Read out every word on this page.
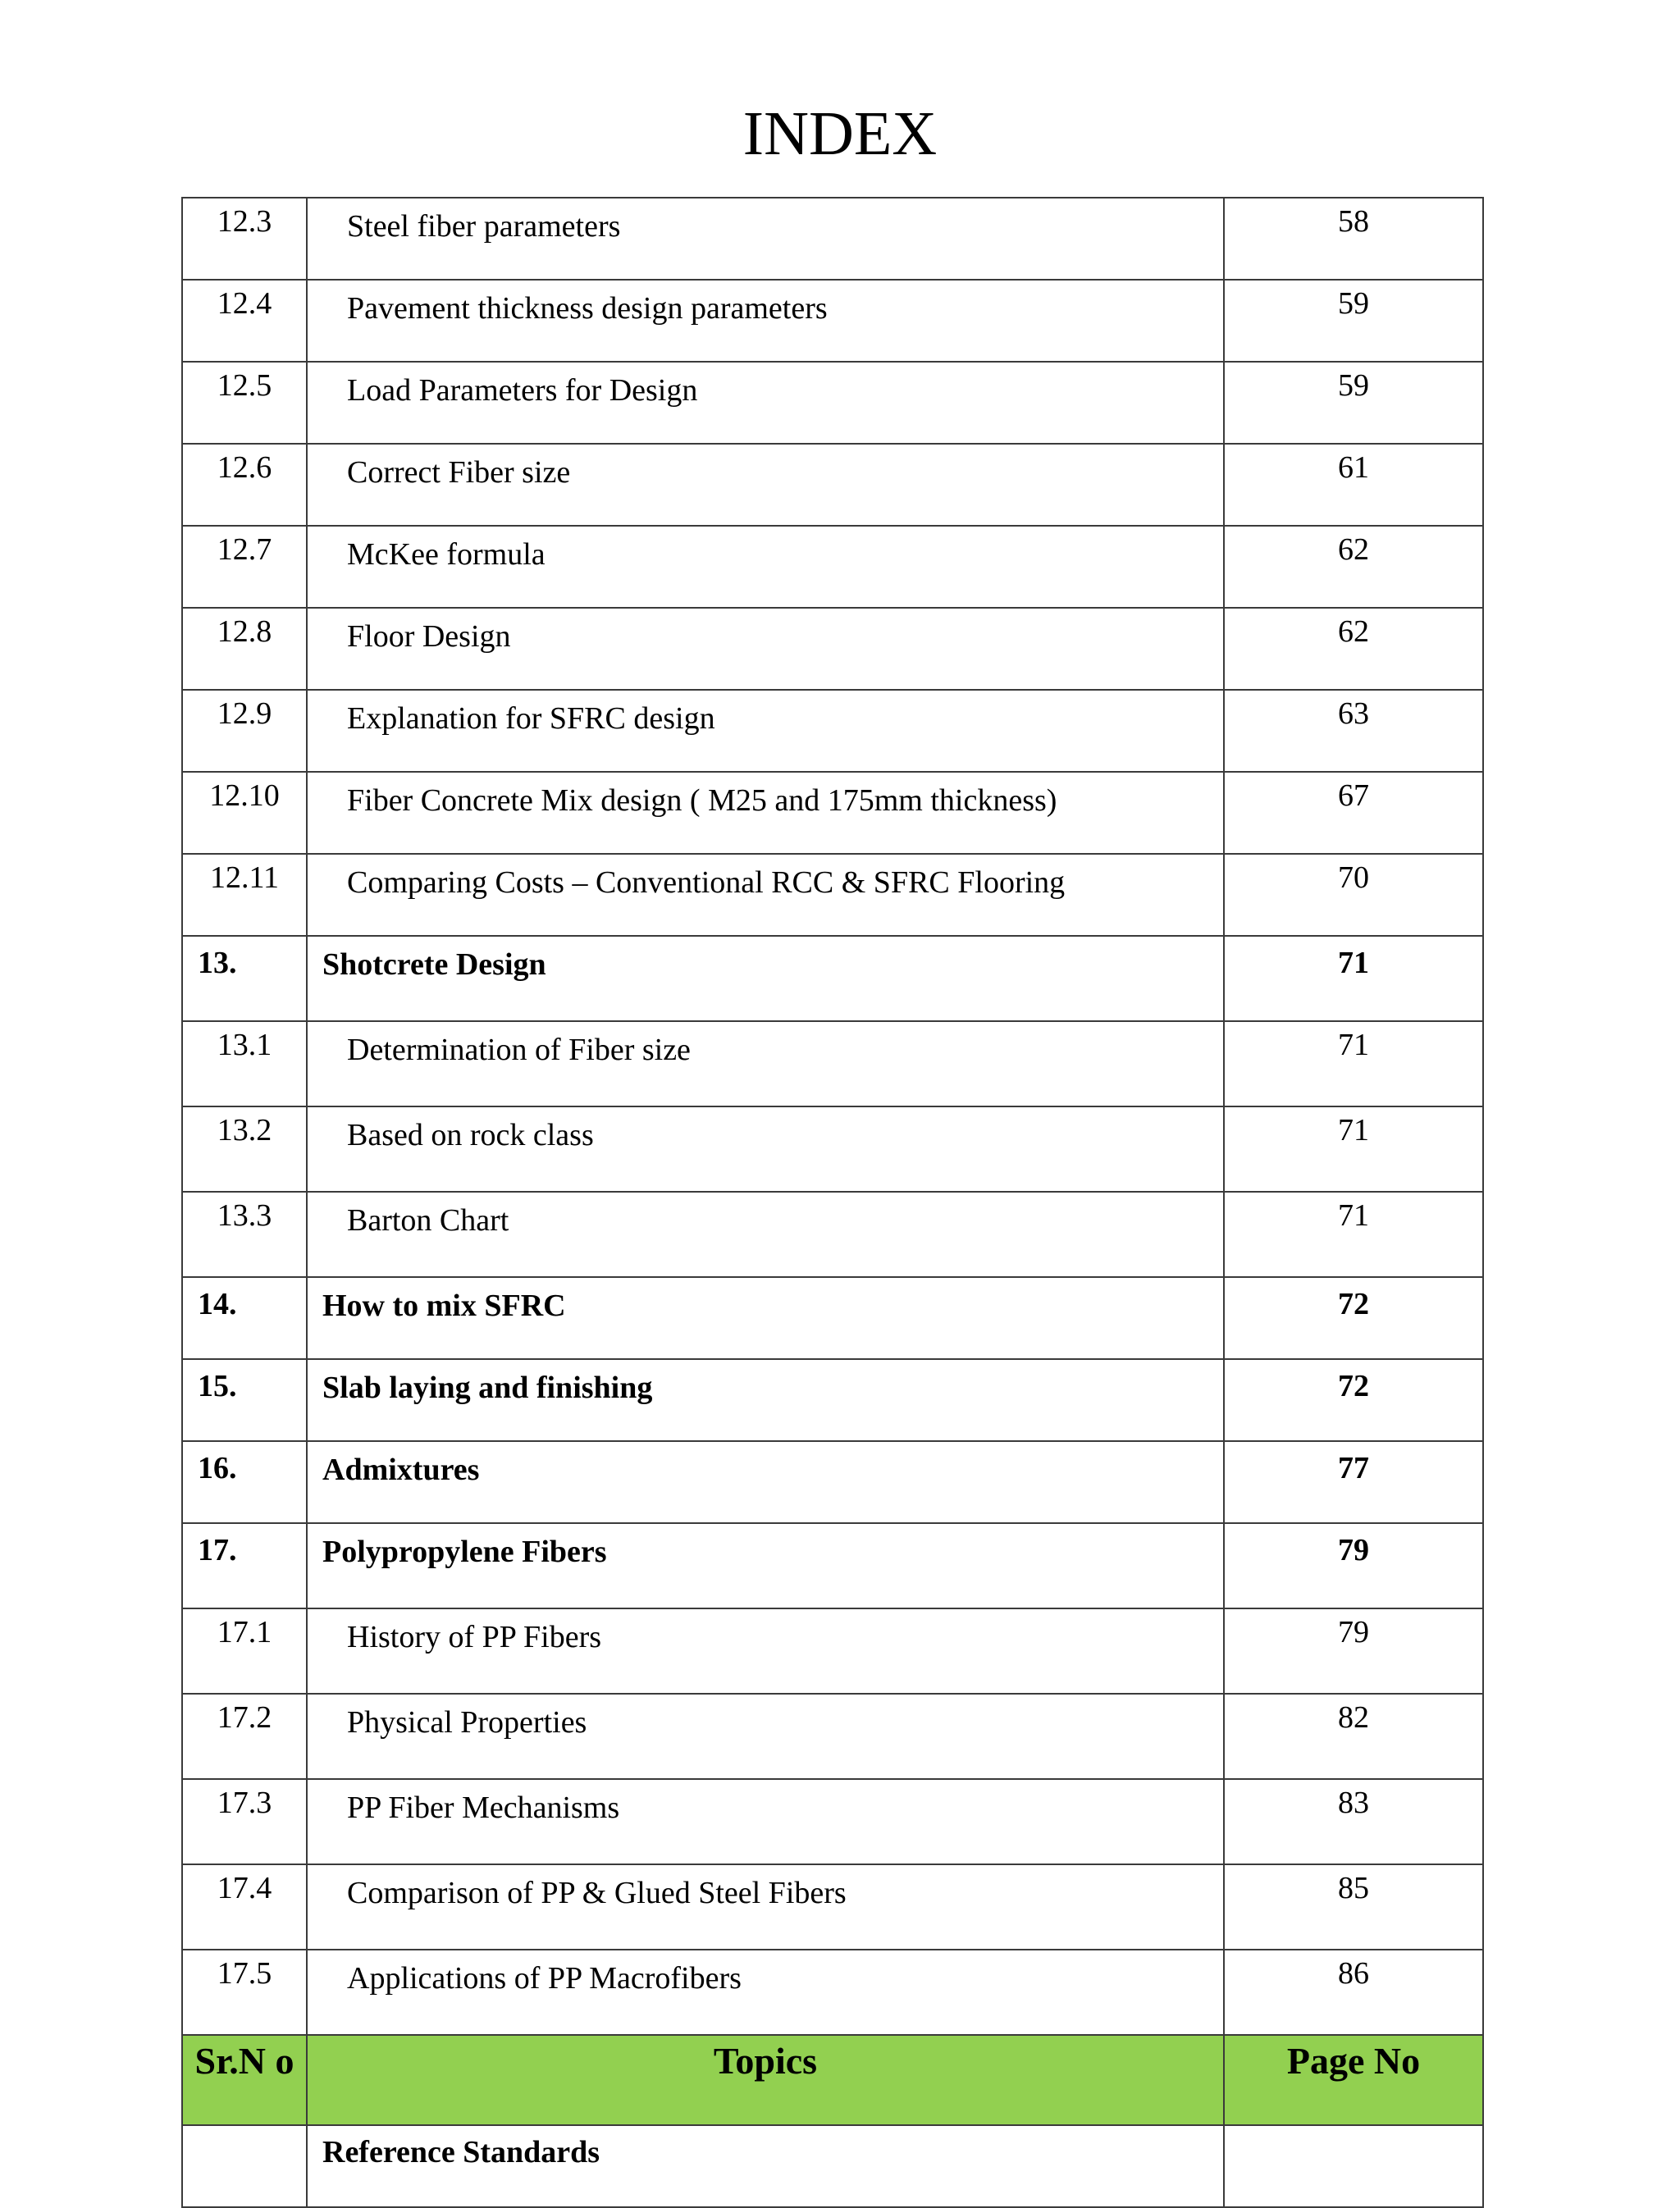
INDEX
12.3	Steel fiber parameters	58
12.4	Pavement thickness design parameters	59
12.5	Load Parameters for Design	59
12.6	Correct Fiber size	61
12.7	McKee formula	62
12.8	Floor Design	62
12.9	Explanation for SFRC design	63
12.10	Fiber Concrete Mix design ( M25 and 175mm thickness)	67
12.11	Comparing Costs – Conventional RCC & SFRC Flooring	70
13.	Shotcrete Design	71
13.1	Determination of Fiber size	71
13.2	Based on rock class	71
13.3	Barton Chart	71
14.	How to mix SFRC	72
15.	Slab laying and finishing	72
16.	Admixtures	77
17.	Polypropylene Fibers	79
17.1	History of PP Fibers	79
17.2	Physical Properties	82
17.3	PP Fiber Mechanisms	83
17.4	Comparison of PP & Glued Steel Fibers	85
17.5	Applications of PP Macrofibers	86
Sr.N o	Topics	Page No
	Reference Standards	
